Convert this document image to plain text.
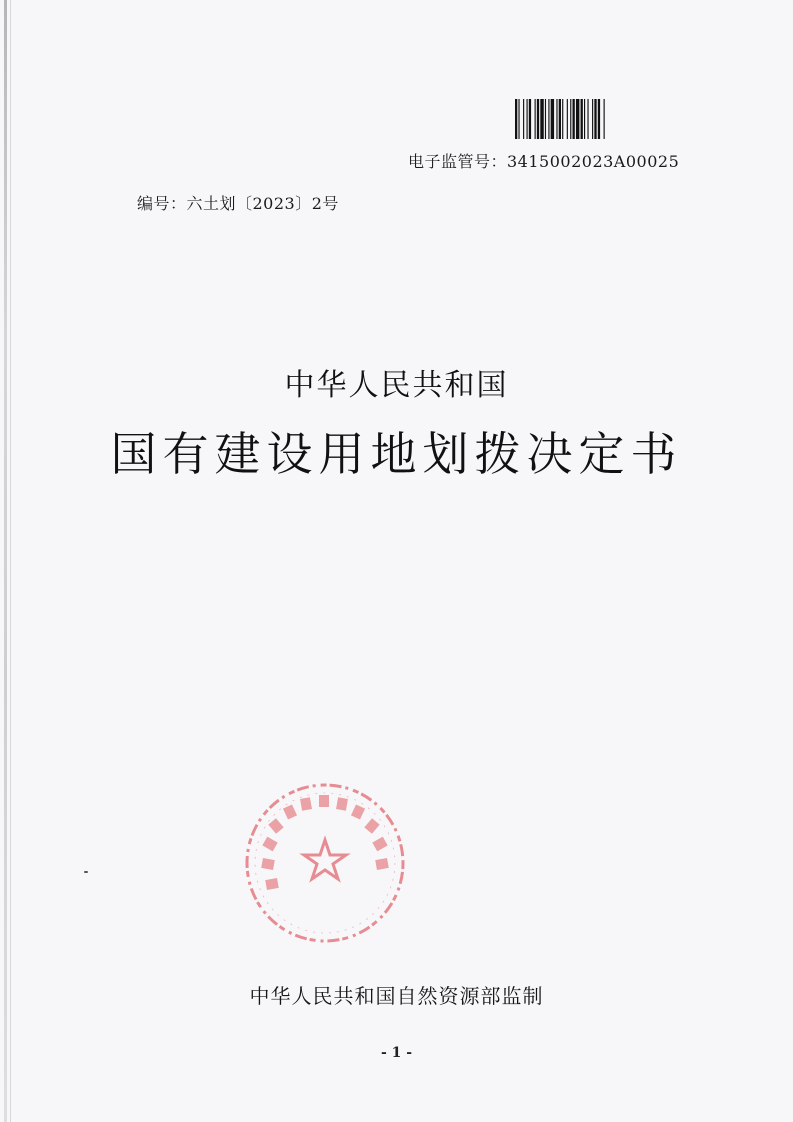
电子监管号：3415002023A00025
编号：六土划〔2023〕2号
中华人民共和国
国有建设用地划拨决定书
中华人民共和国自然资源部监制
- 1 -
